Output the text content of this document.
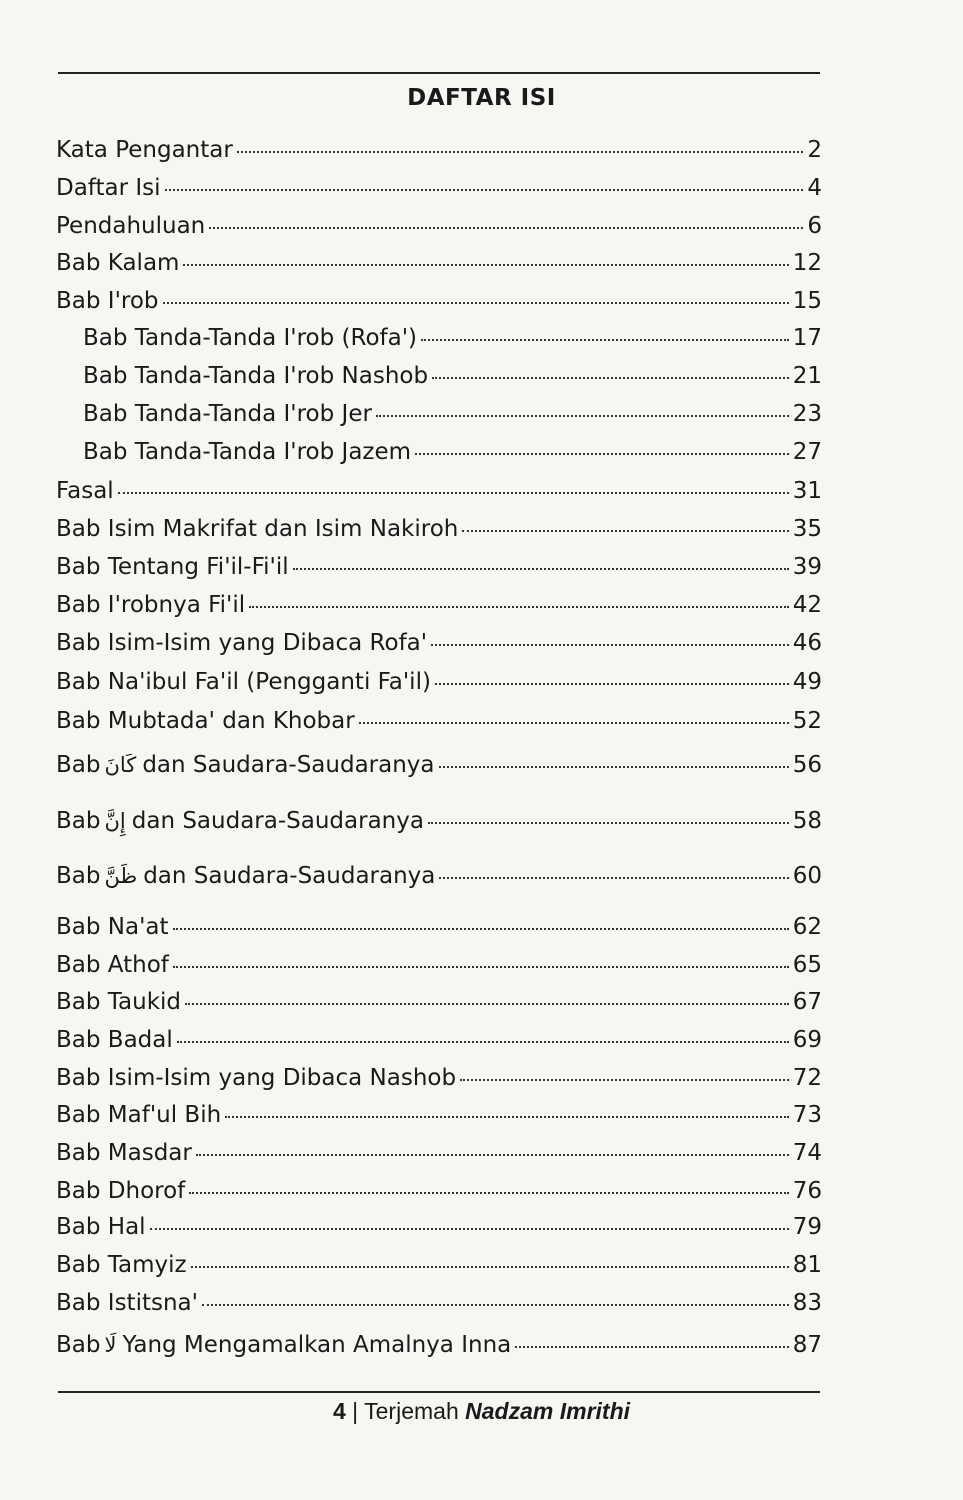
DAFTAR ISI
Kata Pengantar	2
Daftar Isi	4
Pendahuluan	6
Bab Kalam	12
Bab I'rob	15
Bab Tanda-Tanda I'rob (Rofa')	17
Bab Tanda-Tanda I'rob Nashob	21
Bab Tanda-Tanda I'rob Jer	23
Bab Tanda-Tanda I'rob Jazem	27
Fasal	31
Bab Isim Makrifat dan Isim Nakiroh	35
Bab Tentang Fi'il-Fi'il	39
Bab I'robnya Fi'il	42
Bab Isim-Isim yang Dibaca Rofa'	46
Bab Na'ibul Fa'il (Pengganti Fa'il)	49
Bab Mubtada' dan Khobar	52
Bab كَانَ dan Saudara-Saudaranya	56
Bab إِنَّ dan Saudara-Saudaranya	58
Bab ظَنَّ dan Saudara-Saudaranya	60
Bab Na'at	62
Bab Athof	65
Bab Taukid	67
Bab Badal	69
Bab Isim-Isim yang Dibaca Nashob	72
Bab Maf'ul Bih	73
Bab Masdar	74
Bab Dhorof	76
Bab Hal	79
Bab Tamyiz	81
Bab Istitsna'	83
Bab لَا Yang Mengamalkan Amalnya Inna	87
4 | Terjemah Nadzam Imrithi
